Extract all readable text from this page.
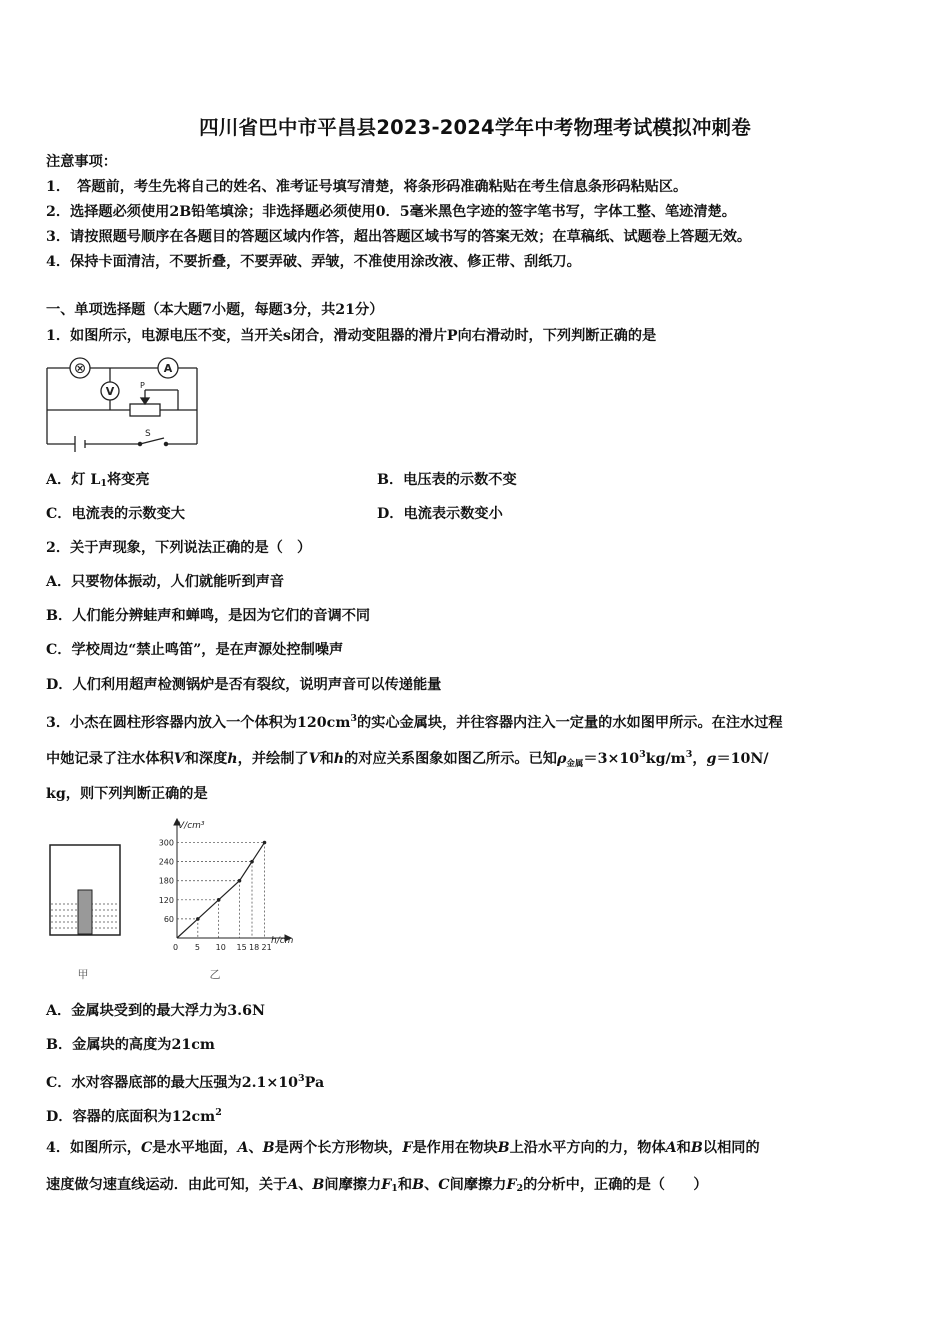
四川省巴中市平昌县2023-2024学年中考物理考试模拟冲刺卷
注意事项：
1．　答题前，考生先将自己的姓名、准考证号填写清楚，将条形码准确粘贴在考生信息条形码粘贴区。
2．选择题必须使用2B铅笔填涂；非选择题必须使用0．5毫米黑色字迹的签字笔书写，字体工整、笔迹清楚。
3．请按照题号顺序在各题目的答题区域内作答，超出答题区域书写的答案无效；在草稿纸、试题卷上答题无效。
4．保持卡面清洁，不要折叠，不要弄破、弄皱，不准使用涂改液、修正带、刮纸刀。
一、单项选择题（本大题7小题，每题3分，共21分）
1．如图所示，电源电压不变，当开关s闭合，滑动变阻器的滑片P向右滑动时，下列判断正确的是
⊗	A
V	P
S
A．灯 $L_1$将变亮	B．电压表的示数不变
C．电流表的示数变大	D．电流表示数变小
2．关于声现象，下列说法正确的是（　）
A．只要物体振动，人们就能听到声音
B．人们能分辨蛙声和蝉鸣，是因为它们的音调不同
C．学校周边“禁止鸣笛”，是在声源处控制噪声
D．人们利用超声检测锅炉是否有裂纹，说明声音可以传递能量
3．小杰在圆柱形容器内放入一个体积为$120cm^3$的实心金属块，并往容器内注入一定量的水如图甲所示。在注水过程
中她记录了注水体积V和深度h，并绘制了V和h的对应关系图象如图乙所示。已知$\rho_{金属}=3\times 10^3kg/m^3$，g＝10N/
kg，则下列判断正确的是
甲
0 5 10 15 18 21
60
120
180
240
300
V/cm³
h/cm
乙
A．金属块受到的最大浮力为3.6N
B．金属块的高度为21cm
C．水对容器底部的最大压强为$2.1\times 10^3Pa$
D．容器的底面积为$12cm^2$
4．如图所示，C是水平地面，A、B是两个长方形物块，F是作用在物块B上沿水平方向的力，物体A和B以相同的
速度做匀速直线运动．由此可知，关于A、B间摩擦力$F_1$和B、C间摩擦力$F_2$的分析中，正确的是（　　）
